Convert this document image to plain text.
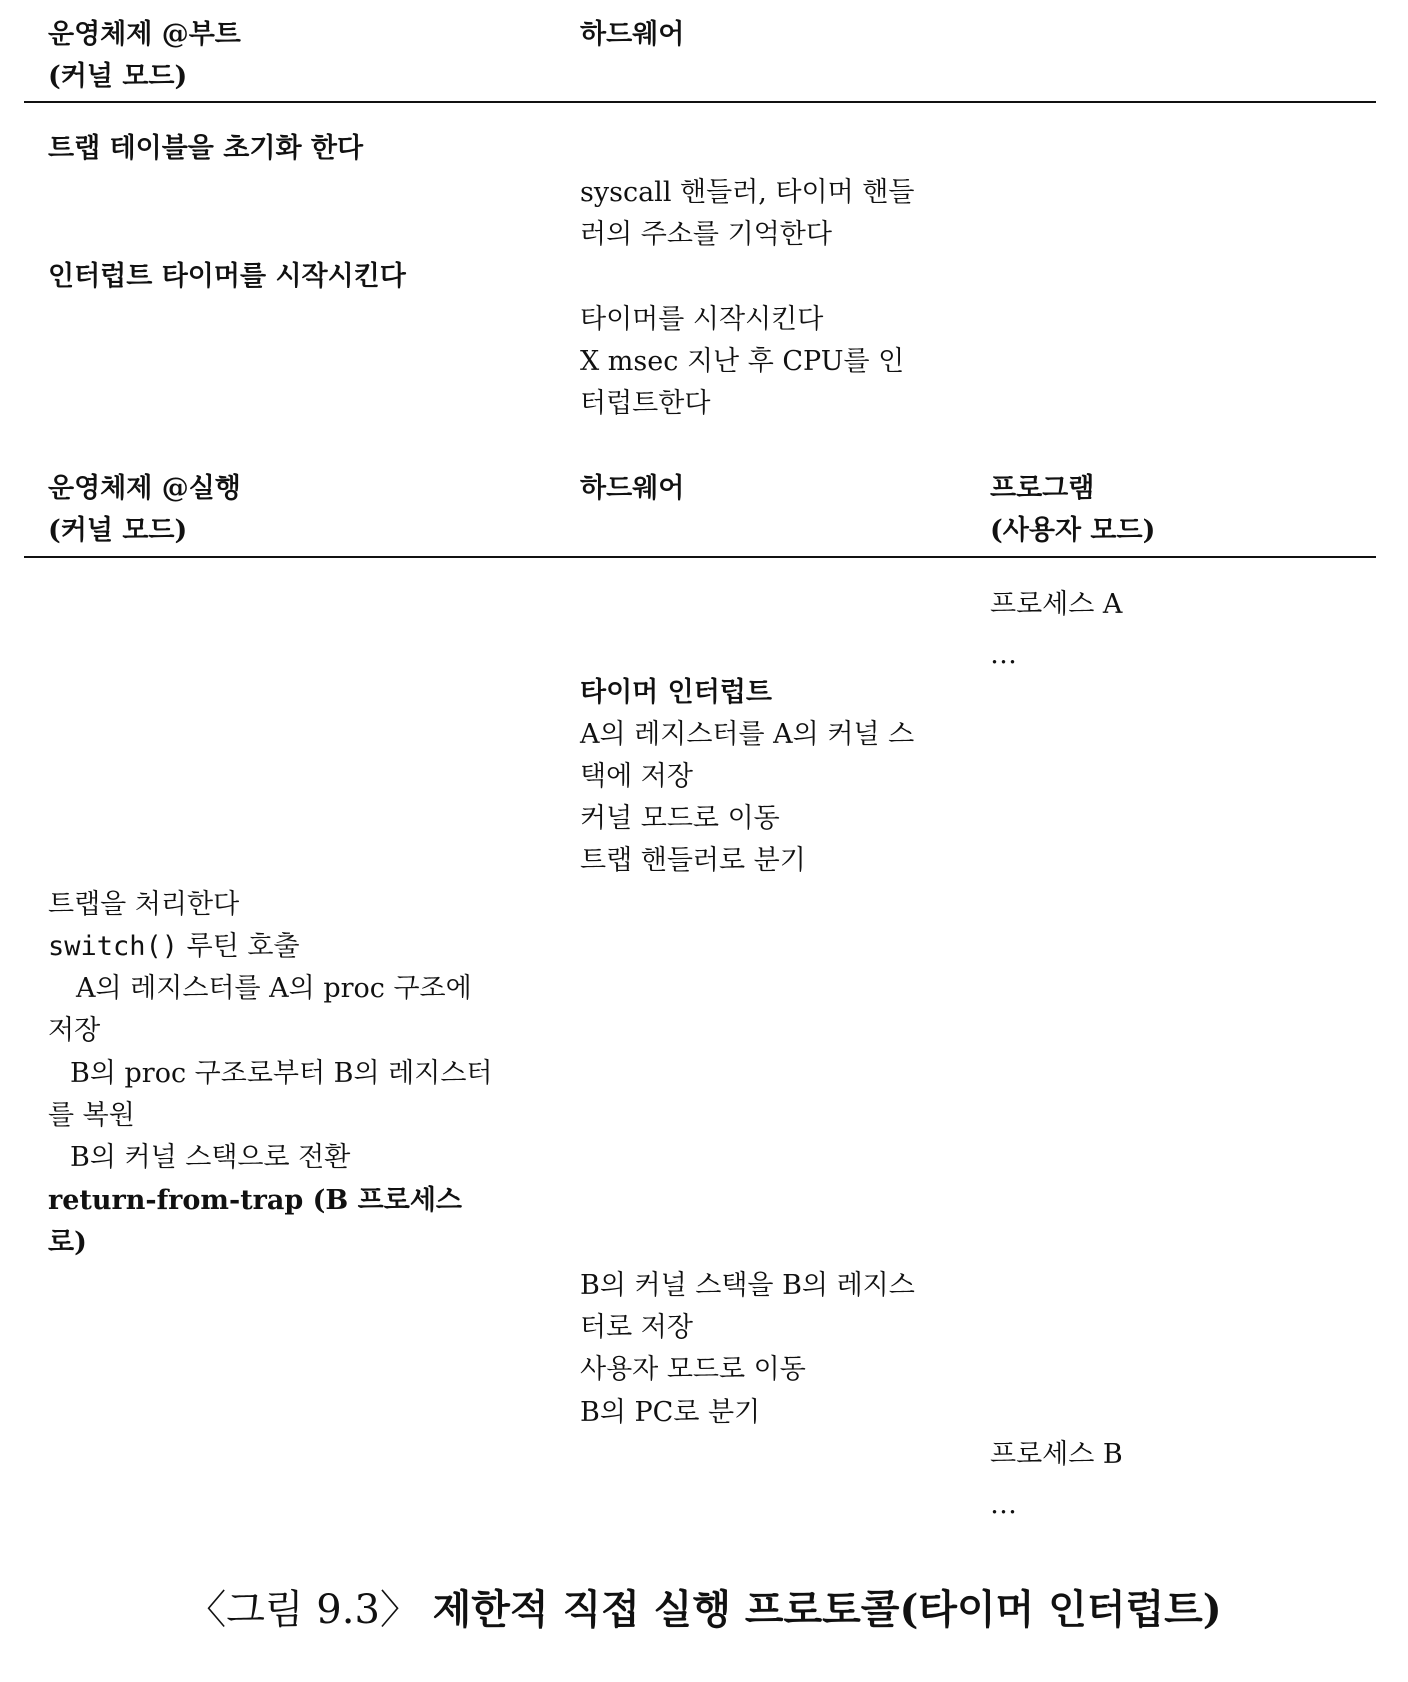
운영체제 @부트
(커널 모드)
하드웨어
트랩 테이블을 초기화 한다
syscall 핸들러, 타이머 핸들
러의 주소를 기억한다
인터럽트 타이머를 시작시킨다
타이머를 시작시킨다
X msec 지난 후 CPU를 인
터럽트한다
운영체제 @실행
(커널 모드)
하드웨어	프로그램
(사용자 모드)
프로세스 A
…
타이머 인터럽트
A의 레지스터를 A의 커널 스
택에 저장
커널 모드로 이동
트랩 핸들러로 분기
트랩을 처리한다
switch() 루틴 호출
A의 레지스터를 A의 proc 구조에
저장
B의 proc 구조로부터 B의 레지스터
를 복원
B의 커널 스택으로 전환
return-from-trap (B 프로세스
로)
B의 커널 스택을 B의 레지스
터로 저장
사용자 모드로 이동
B의 PC로 분기
프로세스 B
…
〈그림 9.3〉 제한적 직접 실행 프로토콜(타이머 인터럽트)
